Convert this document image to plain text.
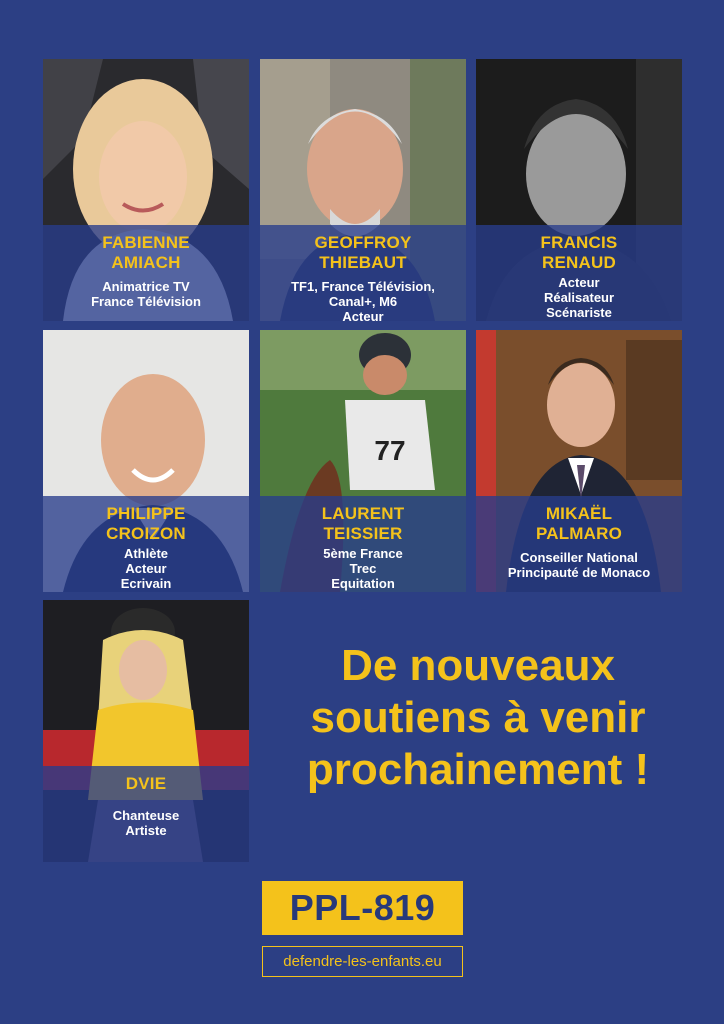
FABIENNE
AMIACH
Animatrice TV
France Télévision
GEOFFROY
THIEBAUT
TF1, France Télévision,
Canal+, M6
Acteur
FRANCIS
RENAUD
Acteur
Réalisateur
Scénariste
PHILIPPE
CROIZON
Athlète
Acteur
Ecrivain
77
LAURENT
TEISSIER
5ème France
Trec
Equitation
MIKAËL
PALMARO
Conseiller National
Principauté de Monaco
DVIE
Chanteuse
Artiste
De nouveaux
soutiens à venir
prochainement !
PPL-819
defendre-les-enfants.eu
